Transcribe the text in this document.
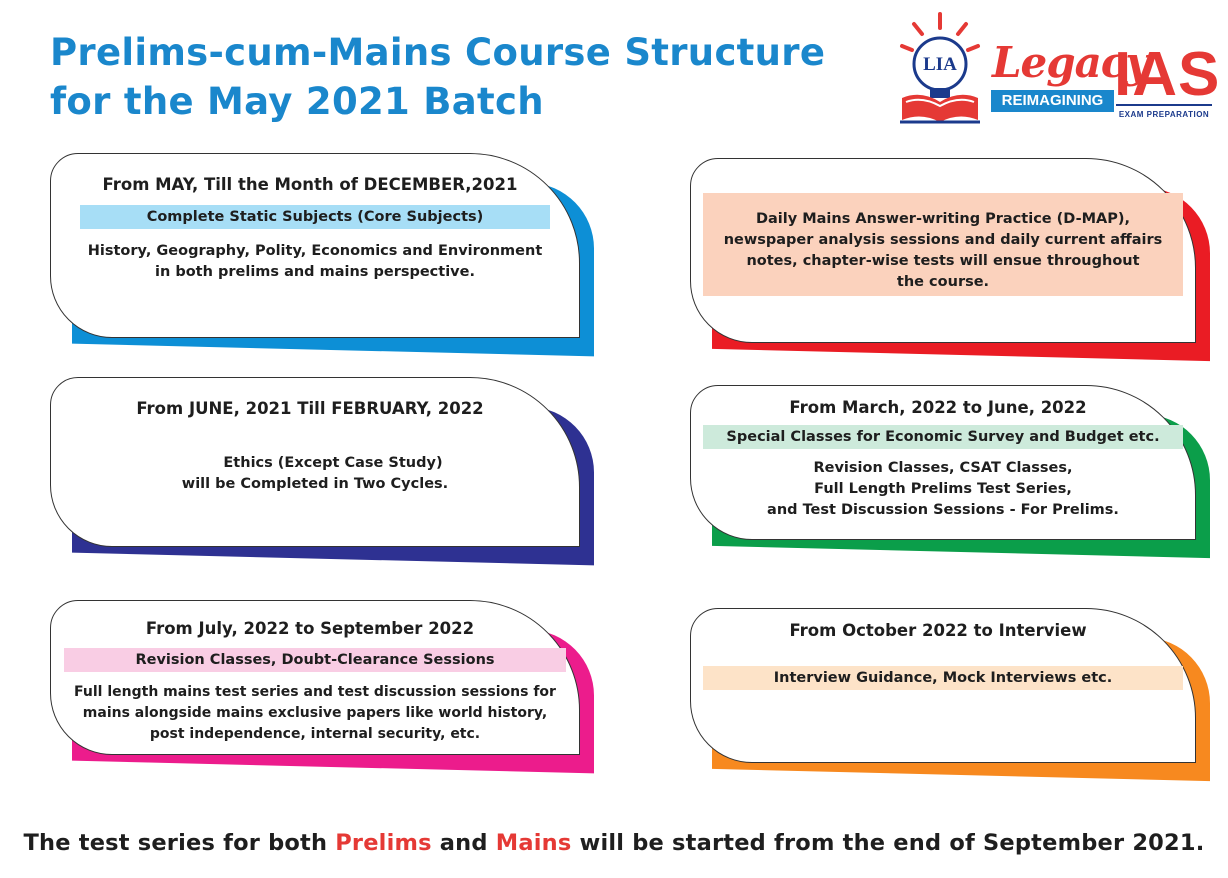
Prelims-cum-Mains Course Structure
for the May 2021 Batch
LIA Legacy
IAS
REIMAGINING
EXAM PREPARATION
From MAY, Till the Month of DECEMBER,2021
Complete Static Subjects (Core Subjects)
History, Geography, Polity, Economics and Environment
in both prelims and mains perspective.
Daily Mains Answer-writing Practice (D-MAP),
newspaper analysis sessions and daily current affairs
notes, chapter-wise tests will ensue throughout
the course.
From JUNE, 2021 Till FEBRUARY, 2022
Ethics (Except Case Study)
will be Completed in Two Cycles.
From March, 2022 to June, 2022
Special Classes for Economic Survey and Budget etc.
Revision Classes, CSAT Classes,
Full Length Prelims Test Series,
and Test Discussion Sessions - For Prelims.
From July, 2022 to September 2022
Revision Classes, Doubt-Clearance Sessions
Full length mains test series and test discussion sessions for
mains alongside mains exclusive papers like world history,
post independence, internal security, etc.
From October 2022 to Interview
Interview Guidance, Mock Interviews etc.
The test series for both Prelims and Mains will be started from the end of September 2021.
